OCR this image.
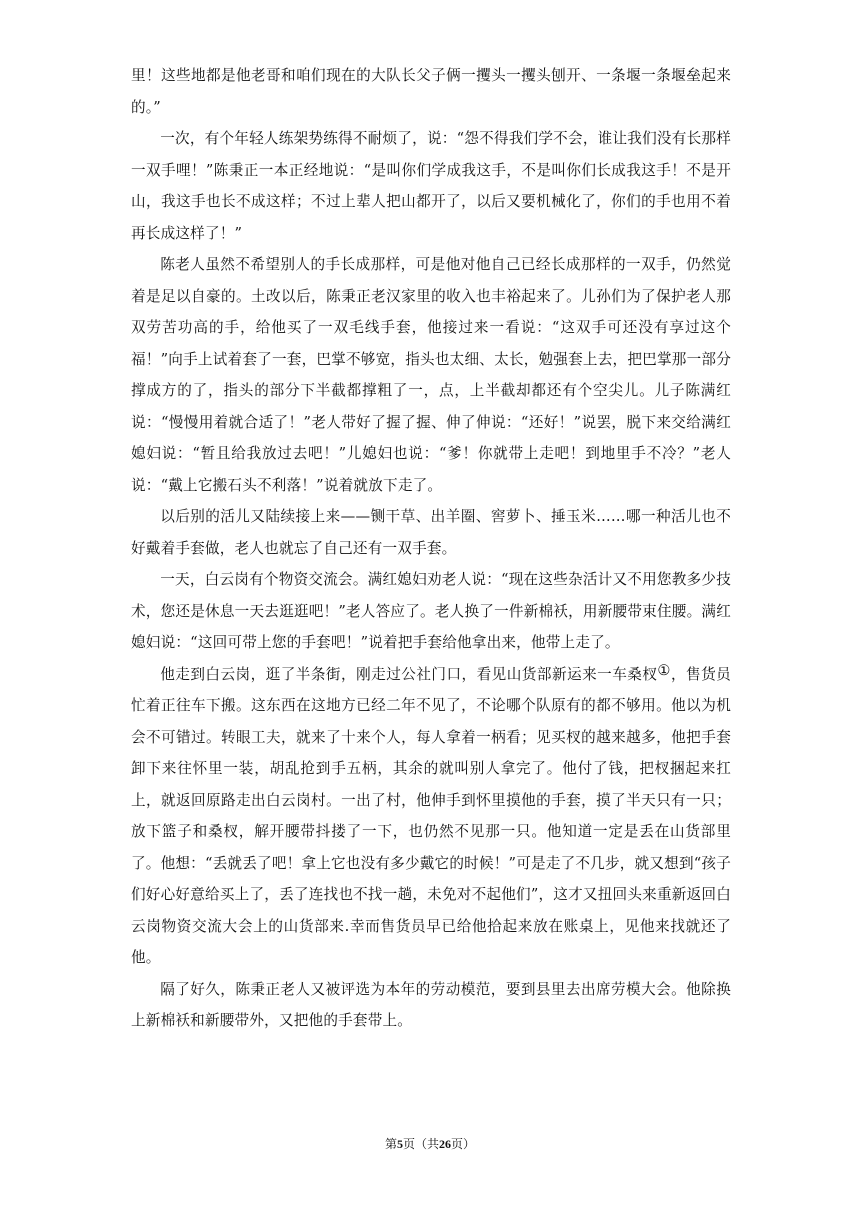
里！这些地都是他老哥和咱们现在的大队长父子俩一攫头一攫头刨开、一条堰一条堰垒起来的。”

一次，有个年轻人练架势练得不耐烦了，说：“怨不得我们学不会，谁让我们没有长那样一双手哩！”陈秉正一本正经地说：“是叫你们学成我这手，不是叫你们长成我这手！不是开山，我这手也长不成这样；不过上辈人把山都开了，以后又要机械化了，你们的手也用不着再长成这样了！”

陈老人虽然不希望别人的手长成那样，可是他对他自己已经长成那样的一双手，仍然觉着是足以自豪的。土改以后，陈秉正老汉家里的收入也丰裕起来了。儿孙们为了保护老人那双劳苦功高的手，给他买了一双毛线手套，他接过来一看说：“这双手可还没有享过这个福！”向手上试着套了一套，巴掌不够宽，指头也太细、太长，勉强套上去，把巴掌那一部分撑成方的了，指头的部分下半截都撑粗了一，点，上半截却都还有个空尖儿。儿子陈满红说：“慢慢用着就合适了！”老人带好了握了握、伸了伸说：“还好！”说罢，脱下来交给满红媳妇说：“暂且给我放过去吧！”儿媳妇也说：“爹！你就带上走吧！到地里手不冷？”老人说：“戴上它搬石头不利落！”说着就放下走了。

以后别的活儿又陆续接上来——铡干草、出羊圈、窖萝卜、捶玉米……哪一种活儿也不好戴着手套做，老人也就忘了自己还有一双手套。

一天，白云岗有个物资交流会。满红媳妇劝老人说：“现在这些杂活计又不用您教多少技术，您还是休息一天去逛逛吧！”老人答应了。老人换了一件新棉袄，用新腰带束住腰。满红媳妇说：“这回可带上您的手套吧！”说着把手套给他拿出来，他带上走了。

他走到白云岗，逛了半条街，刚走过公社门口，看见山货部新运来一车桑杈①，售货员忙着正往车下搬。这东西在这地方已经二年不见了，不论哪个队原有的都不够用。他以为机会不可错过。转眼工夫，就来了十来个人，每人拿着一柄看；见买杈的越来越多，他把手套卸下来往怀里一装，胡乱抢到手五柄，其余的就叫别人拿完了。他付了钱，把杈捆起来扛上，就返回原路走出白云岗村。一出了村，他伸手到怀里摸他的手套，摸了半天只有一只；放下篮子和桑杈，解开腰带抖搂了一下，也仍然不见那一只。他知道一定是丢在山货部里了。他想：“丢就丢了吧！拿上它也没有多少戴它的时候！”可是走了不几步，就又想到“孩子们好心好意给买上了，丢了连找也不找一趟，未免对不起他们”，这才又扭回头来重新返回白云岗物资交流大会上的山货部来.幸而售货员早已给他拾起来放在账桌上，见他来找就还了他。

隔了好久，陈秉正老人又被评选为本年的劳动模范，要到县里去出席劳模大会。他除换上新棉袄和新腰带外，又把他的手套带上。

第5页（共26页）
